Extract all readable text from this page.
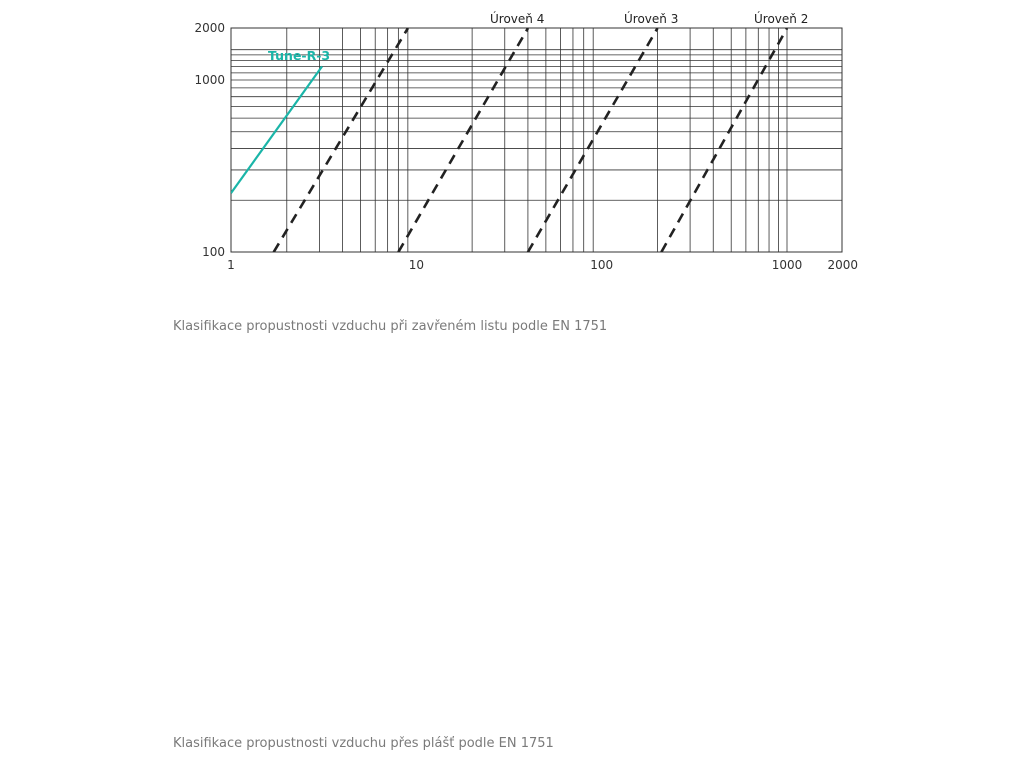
1	10	100	1000 2000
100
1000
2000
Tune-R-3
Úroveň 4	Úroveň 3	Úroveň 2
Klasifikace propustnosti vzduchu při zavřeném listu podle EN 1751
Klasifikace propustnosti vzduchu přes plášť podle EN 1751
